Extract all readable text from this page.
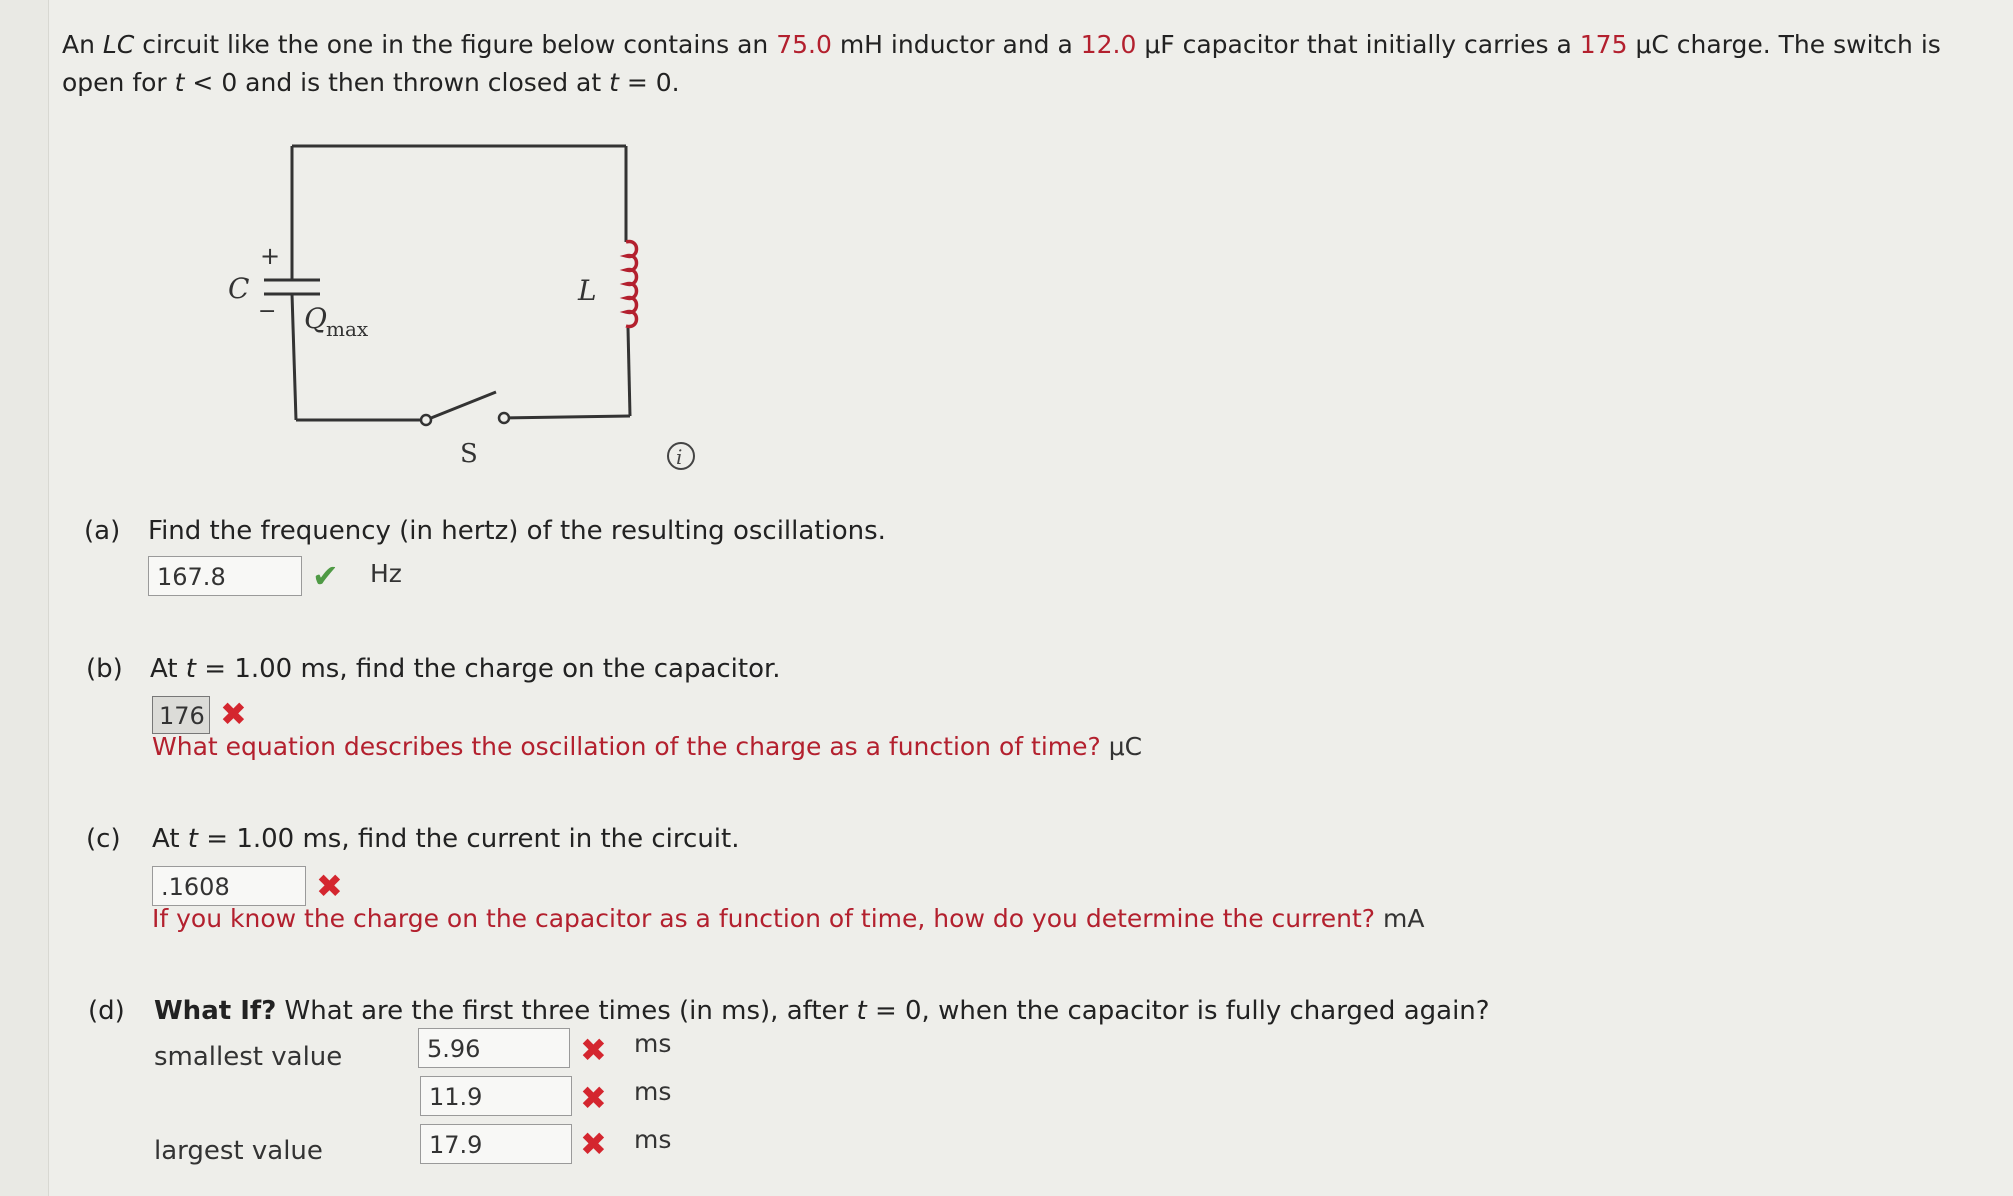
An LC circuit like the one in the figure below contains an 75.0 mH inductor and a 12.0 μF capacitor that initially carries a 175 μC charge. The switch is open for t < 0 and is then thrown closed at t = 0.
C
+
− Q max
L
S	i
(a) Find the frequency (in hertz) of the resulting oscillations.
167.8	✔ Hz
(b) At t = 1.00 ms, find the charge on the capacitor.
176 ✖
What equation describes the oscillation of the charge as a function of time? μC
(c) At t = 1.00 ms, find the current in the circuit.
.1608	✖
If you know the charge on the capacitor as a function of time, how do you determine the current? mA
(d) What If? What are the first three times (in ms), after t = 0, when the capacitor is fully charged again?
smallest value	5.96	✖ ms
11.9	✖ ms
largest value	17.9	✖ ms
